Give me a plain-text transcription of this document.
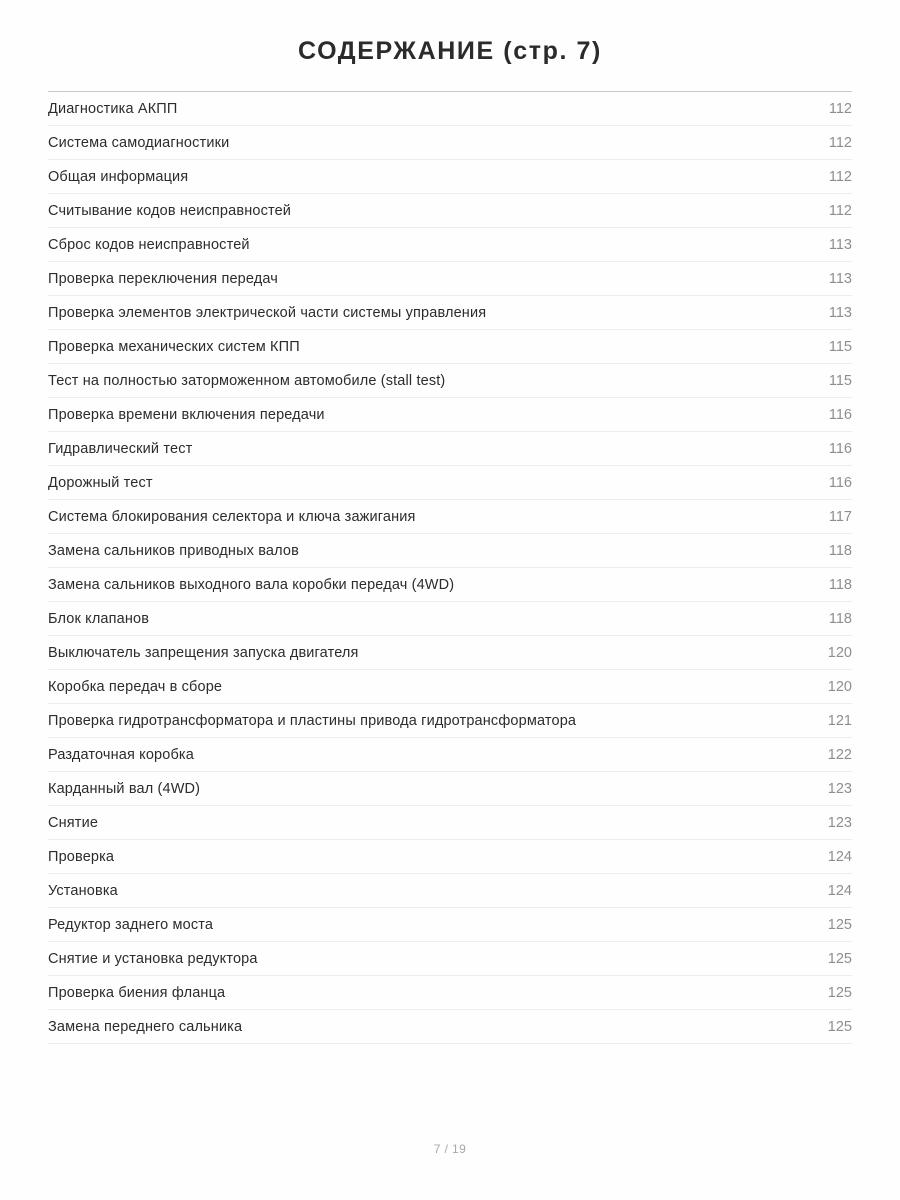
СОДЕРЖАНИЕ (стр. 7)
Диагностика АКПП	112
Система самодиагностики	112
Общая информация	112
Считывание кодов неисправностей	112
Сброс кодов неисправностей	113
Проверка переключения передач	113
Проверка элементов электрической части системы управления	113
Проверка механических систем КПП	115
Тест на полностью заторможенном автомобиле (stall test)	115
Проверка времени включения передачи	116
Гидравлический тест	116
Дорожный тест	116
Система блокирования селектора и ключа зажигания	117
Замена сальников приводных валов	118
Замена сальников выходного вала коробки передач (4WD)	118
Блок клапанов	118
Выключатель запрещения запуска двигателя	120
Коробка передач в сборе	120
Проверка гидротрансформатора и пластины привода гидротрансформатора	121
Раздаточная коробка	122
Карданный вал (4WD)	123
Снятие	123
Проверка	124
Установка	124
Редуктор заднего моста	125
Снятие и установка редуктора	125
Проверка биения фланца	125
Замена переднего сальника	125
7 / 19
